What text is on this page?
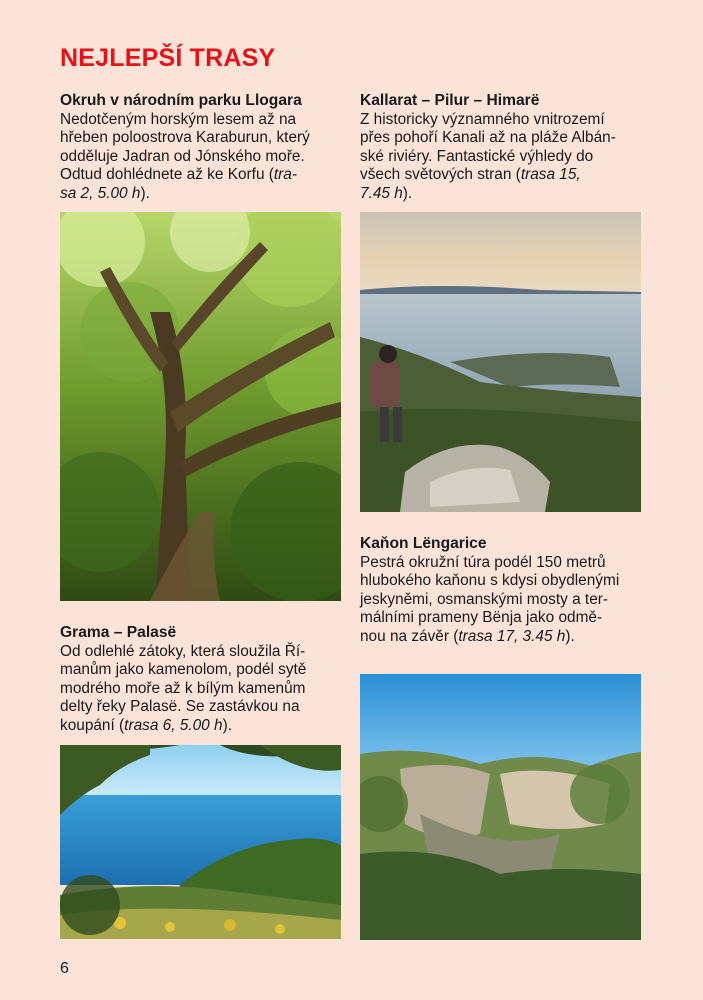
NEJLEPŠÍ TRASY

Okruh v národním parku Llogara

Nedotčeným horským lesem až na
hřeben poloostrova Karaburun, který
odděluje Jadran od Jónského moře.
Odtud dohlédnete až ke Korfu (tra-
sa 2, 5.00 h).

Kallarat – Pilur – Himarë

Z historicky významného vnitrozemí
přes pohoří Kanali až na pláže Albán-
ské riviéry. Fantastické výhledy do
všech světových stran (trasa 15,
7.45 h).

Kaňon Lëngarice

Pestrá okružní túra podél 150 metrů
hlubokého kaňonu s kdysi obydlenými
jeskyněmi, osmanskými mosty a ter-
málními prameny Bënja jako odmě-
nou na závěr (trasa 17, 3.45 h).

Grama – Palasë

Od odlehlé zátoky, která sloužila Ří-
manům jako kamenolom, podél sytě
modrého moře až k bílým kamenům
delty řeky Palasë. Se zastávkou na
koupání (trasa 6, 5.00 h).

6
